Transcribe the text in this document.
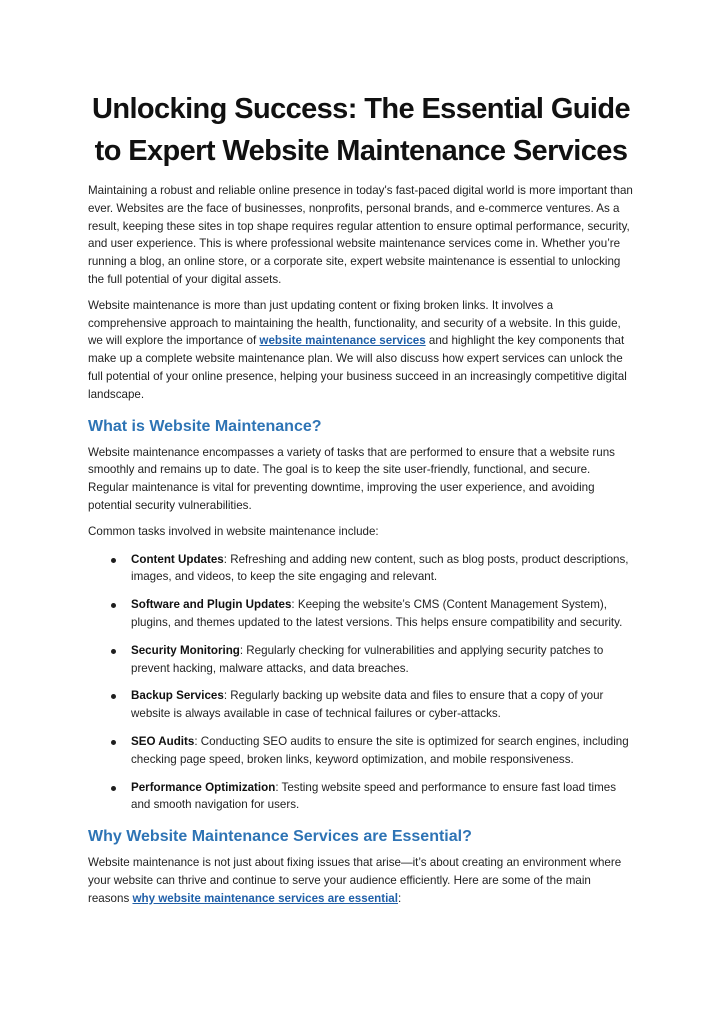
Unlocking Success: The Essential Guide
to Expert Website Maintenance Services

Maintaining a robust and reliable online presence in today's fast-paced digital world is more important than ever. Websites are the face of businesses, nonprofits, personal brands, and e-commerce ventures. As a result, keeping these sites in top shape requires regular attention to ensure optimal performance, security, and user experience. This is where professional website maintenance services come in. Whether you’re running a blog, an online store, or a corporate site, expert website maintenance is essential to unlocking the full potential of your digital assets.

Website maintenance is more than just updating content or fixing broken links. It involves a comprehensive approach to maintaining the health, functionality, and security of a website. In this guide, we will explore the importance of website maintenance services and highlight the key components that make up a complete website maintenance plan. We will also discuss how expert services can unlock the full potential of your online presence, helping your business succeed in an increasingly competitive digital landscape.

What is Website Maintenance?

Website maintenance encompasses a variety of tasks that are performed to ensure that a website runs smoothly and remains up to date. The goal is to keep the site user-friendly, functional, and secure. Regular maintenance is vital for preventing downtime, improving the user experience, and avoiding potential security vulnerabilities.

Common tasks involved in website maintenance include:

Content Updates: Refreshing and adding new content, such as blog posts, product descriptions, images, and videos, to keep the site engaging and relevant.
Software and Plugin Updates: Keeping the website’s CMS (Content Management System), plugins, and themes updated to the latest versions. This helps ensure compatibility and security.
Security Monitoring: Regularly checking for vulnerabilities and applying security patches to prevent hacking, malware attacks, and data breaches.
Backup Services: Regularly backing up website data and files to ensure that a copy of your website is always available in case of technical failures or cyber-attacks.
SEO Audits: Conducting SEO audits to ensure the site is optimized for search engines, including checking page speed, broken links, keyword optimization, and mobile responsiveness.
Performance Optimization: Testing website speed and performance to ensure fast load times and smooth navigation for users.
Why Website Maintenance Services are Essential?

Website maintenance is not just about fixing issues that arise—it’s about creating an environment where your website can thrive and continue to serve your audience efficiently. Here are some of the main reasons why website maintenance services are essential:
